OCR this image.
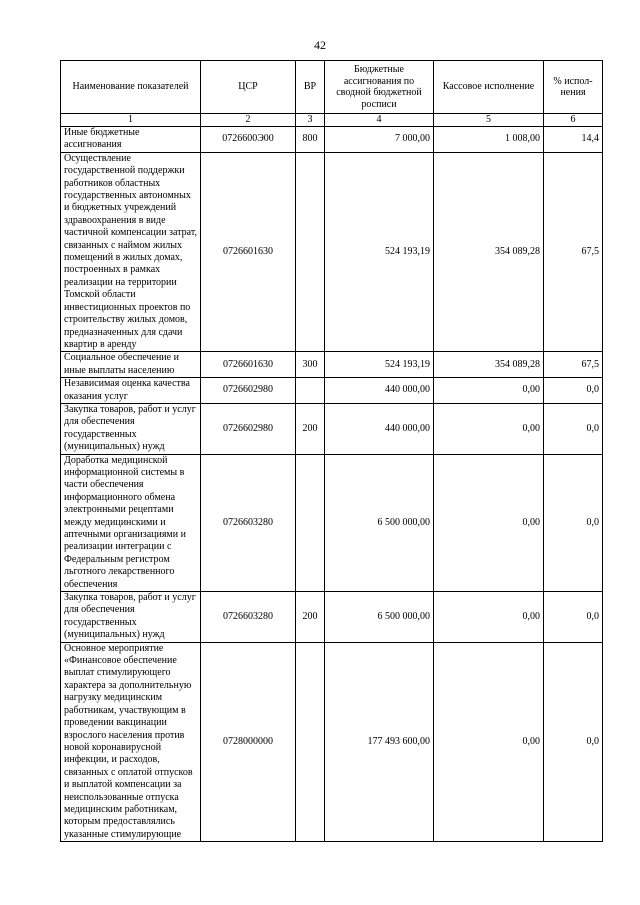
42
Наименование показателей	ЦСР	ВР	Бюджетные ассигнования по сводной бюджетной росписи	Кассовое исполнение	% испол-нения
1	2	3	4	5	6
Иные бюджетные ассигнования	0726600Э00	800	7 000,00	1 008,00	14,4
Осуществление государственной поддержки работников областных государственных автономных и бюджетных учреждений здравоохранения в виде частичной компенсации затрат, связанных с наймом жилых помещений в жилых домах, построенных в рамках реализации на территории Томской области инвестиционных проектов по строительству жилых домов, предназначенных для сдачи квартир в аренду	0726601630		524 193,19	354 089,28	67,5
Социальное обеспечение и иные выплаты населению	0726601630	300	524 193,19	354 089,28	67,5
Независимая оценка качества оказания услуг	0726602980		440 000,00	0,00	0,0
Закупка товаров, работ и услуг для обеспечения государственных (муниципальных) нужд	0726602980	200	440 000,00	0,00	0,0
Доработка медицинской информационной системы в части обеспечения информационного обмена электронными рецептами между медицинскими и аптечными организациями и реализации интеграции с Федеральным регистром льготного лекарственного обеспечения	0726603280		6 500 000,00	0,00	0,0
Закупка товаров, работ и услуг для обеспечения государственных (муниципальных) нужд	0726603280	200	6 500 000,00	0,00	0,0
Основное мероприятие «Финансовое обеспечение выплат стимулирующего характера за дополнительную нагрузку медицинским работникам, участвующим в проведении вакцинации взрослого населения против новой коронавирусной инфекции, и расходов, связанных с оплатой отпусков и выплатой компенсации за неиспользованные отпуска медицинским работникам, которым предоставлялись указанные стимулирующие	0728000000		177 493 600,00	0,00	0,0
